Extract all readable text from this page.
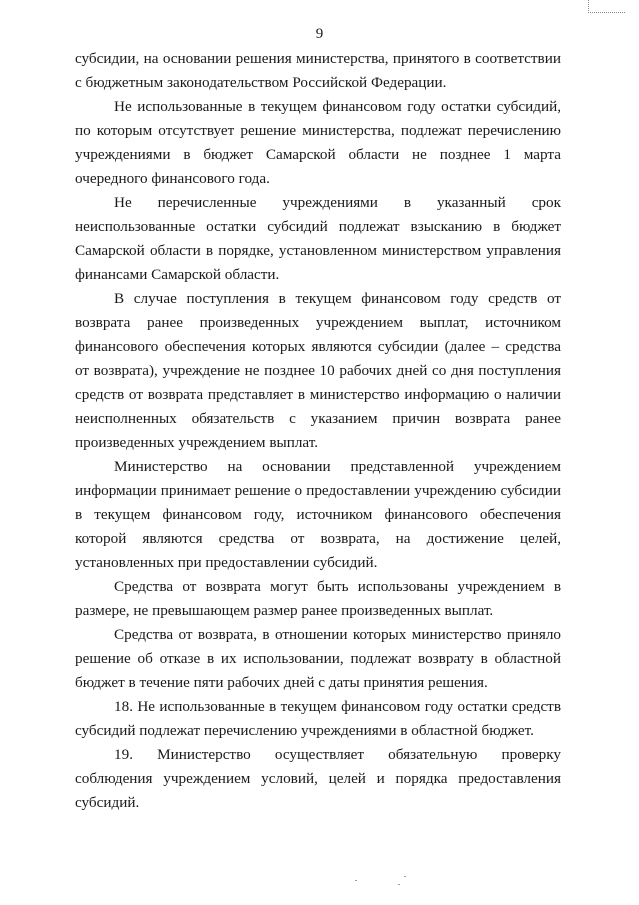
9

субсидии, на основании решения министерства, принятого в соответствии с бюджетным законодательством Российской Федерации.

Не использованные в текущем финансовом году остатки субсидий, по которым отсутствует решение министерства, подлежат перечислению учреждениями в бюджет Самарской области не позднее 1 марта очередного финансового года.

Не перечисленные учреждениями в указанный срок неиспользованные остатки субсидий подлежат взысканию в бюджет Самарской области в порядке, установленном министерством управления финансами Самарской области.

В случае поступления в текущем финансовом году средств от возврата ранее произведенных учреждением выплат, источником финансового обеспечения которых являются субсидии (далее – средства от возврата), учреждение не позднее 10 рабочих дней со дня поступления средств от возврата представляет в министерство информацию о наличии неисполненных обязательств с указанием причин возврата ранее произведенных учреждением выплат.

Министерство на основании представленной учреждением информации принимает решение о предоставлении учреждению субсидии в текущем финансовом году, источником финансового обеспечения которой являются средства от возврата, на достижение целей, установленных при предоставлении субсидий.

Средства от возврата могут быть использованы учреждением в размере, не превышающем размер ранее произведенных выплат.

Средства от возврата, в отношении которых министерство приняло решение об отказе в их использовании, подлежат возврату в областной бюджет в течение пяти рабочих дней с даты принятия решения.

18. Не использованные в текущем финансовом году остатки средств субсидий подлежат перечислению учреждениями в областной бюджет.

19. Министерство осуществляет обязательную проверку соблюдения учреждением условий, целей и порядка предоставления субсидий.
